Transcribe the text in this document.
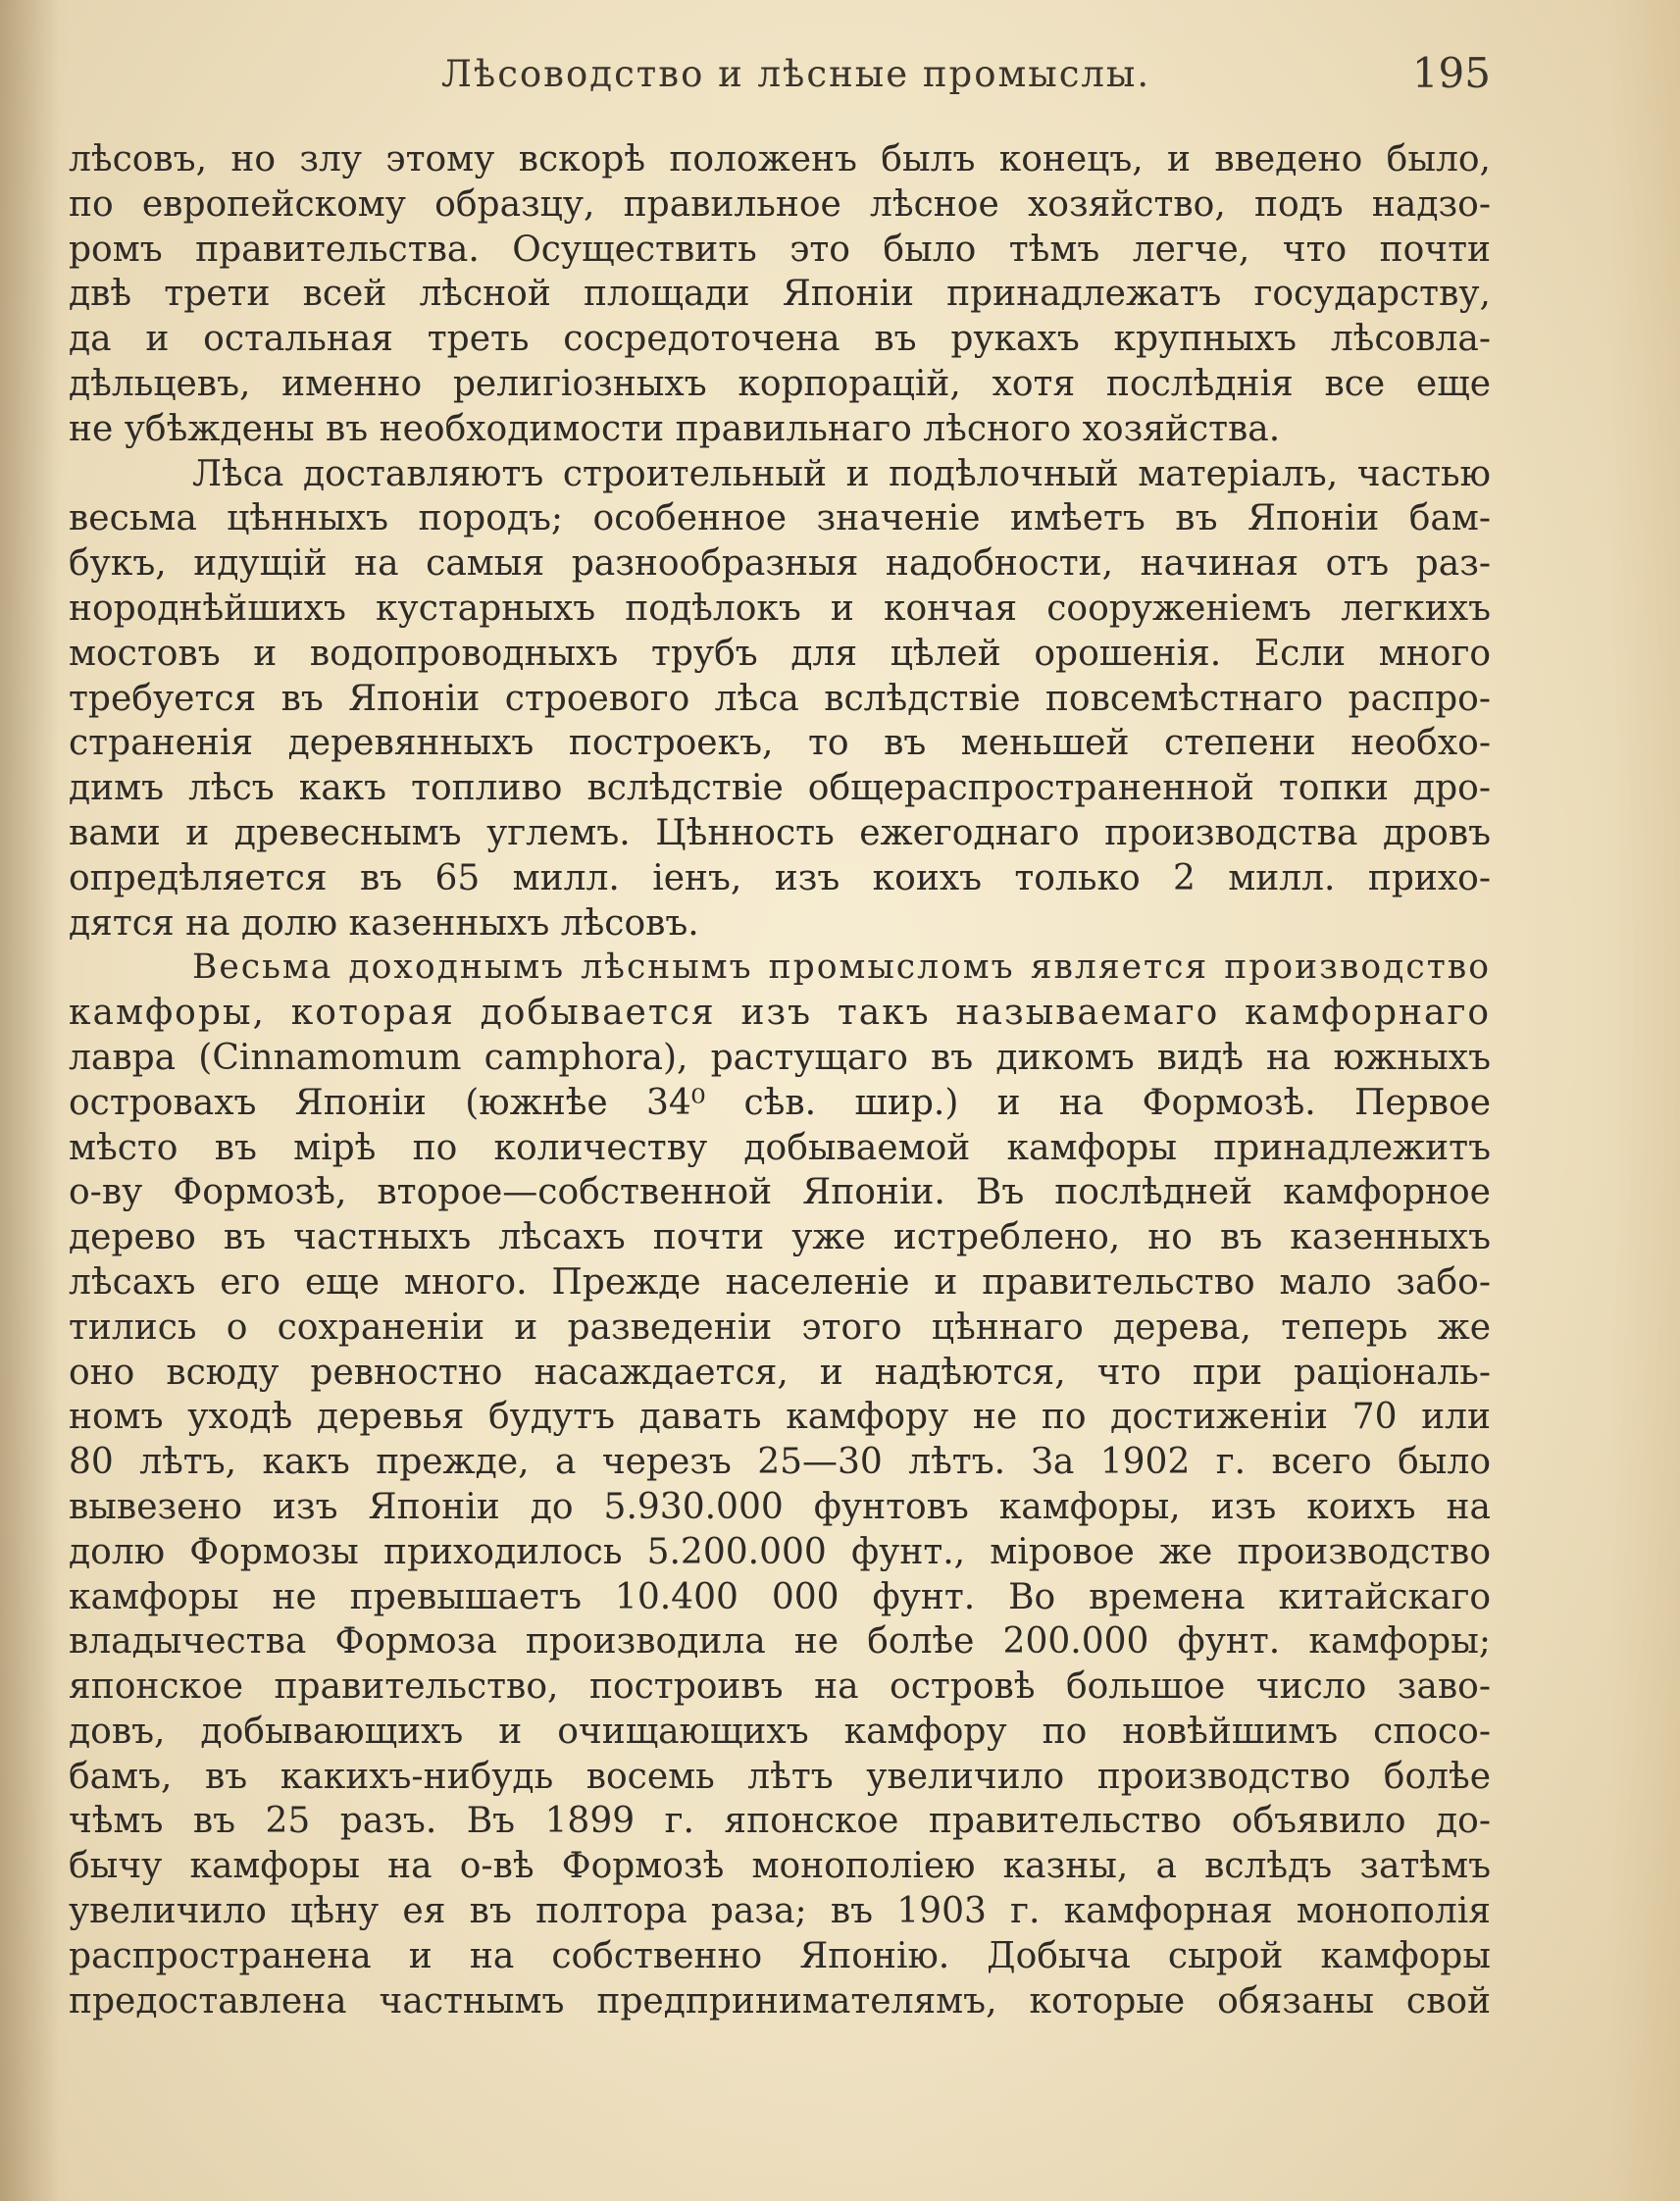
Лѣсоводство и лѣсные промыслы.	195
лѣсовъ, но злу этому вскорѣ положенъ былъ конецъ, и введено было,
по европейскому образцу, правильное лѣсное хозяйство, подъ надзо-
ромъ правительства. Осуществить это было тѣмъ легче, что почти
двѣ трети всей лѣсной площади Японіи принадлежатъ государству,
да и остальная треть сосредоточена въ рукахъ крупныхъ лѣсовла-
дѣльцевъ, именно религіозныхъ корпорацій, хотя послѣднія все еще
не убѣждены въ необходимости правильнаго лѣсного хозяйства.
Лѣса доставляютъ строительный и подѣлочный матеріалъ, частью
весьма цѣнныхъ породъ; особенное значеніе имѣетъ въ Японіи бам-
букъ, идущій на самыя разнообразныя надобности, начиная отъ раз-
нороднѣйшихъ кустарныхъ подѣлокъ и кончая сооруженіемъ легкихъ
мостовъ и водопроводныхъ трубъ для цѣлей орошенія. Если много
требуется въ Японіи строевого лѣса вслѣдствіе повсемѣстнаго распро-
страненія деревянныхъ построекъ, то въ меньшей степени необхо-
димъ лѣсъ какъ топливо вслѣдствіе общераспространенной топки дро-
вами и древеснымъ углемъ. Цѣнность ежегоднаго производства дровъ
опредѣляется въ 65 милл. іенъ, изъ коихъ только 2 милл. прихо-
дятся на долю казенныхъ лѣсовъ.
Весьма доходнымъ лѣснымъ промысломъ является производство
камфоры, которая добывается изъ такъ называемаго камфорнаго
лавра (Cinnamomum camphora), растущаго въ дикомъ видѣ на южныхъ
островахъ Японіи (южнѣе 34⁰ сѣв. шир.) и на Формозѣ. Первое
мѣсто въ мірѣ по количеству добываемой камфоры принадлежитъ
о-ву Формозѣ, второе—собственной Японіи. Въ послѣдней камфорное
дерево въ частныхъ лѣсахъ почти уже истреблено, но въ казенныхъ
лѣсахъ его еще много. Прежде населеніе и правительство мало забо-
тились о сохраненіи и разведеніи этого цѣннаго дерева, теперь же
оно всюду ревностно насаждается, и надѣются, что при раціональ-
номъ уходѣ деревья будутъ давать камфору не по достиженіи 70 или
80 лѣтъ, какъ прежде, а черезъ 25—30 лѣтъ. За 1902 г. всего было
вывезено изъ Японіи до 5.930.000 фунтовъ камфоры, изъ коихъ на
долю Формозы приходилось 5.200.000 фунт., міровое же производство
камфоры не превышаетъ 10.400 000 фунт. Во времена китайскаго
владычества Формоза производила не болѣе 200.000 фунт. камфоры;
японское правительство, построивъ на островѣ большое число заво-
довъ, добывающихъ и очищающихъ камфору по новѣйшимъ спосо-
бамъ, въ какихъ-нибудь восемь лѣтъ увеличило производство болѣе
чѣмъ въ 25 разъ. Въ 1899 г. японское правительство объявило до-
бычу камфоры на о-вѣ Формозѣ монополіею казны, а вслѣдъ затѣмъ
увеличило цѣну ея въ полтора раза; въ 1903 г. камфорная монополія
распространена и на собственно Японію. Добыча сырой камфоры
предоставлена частнымъ предпринимателямъ, которые обязаны свой
